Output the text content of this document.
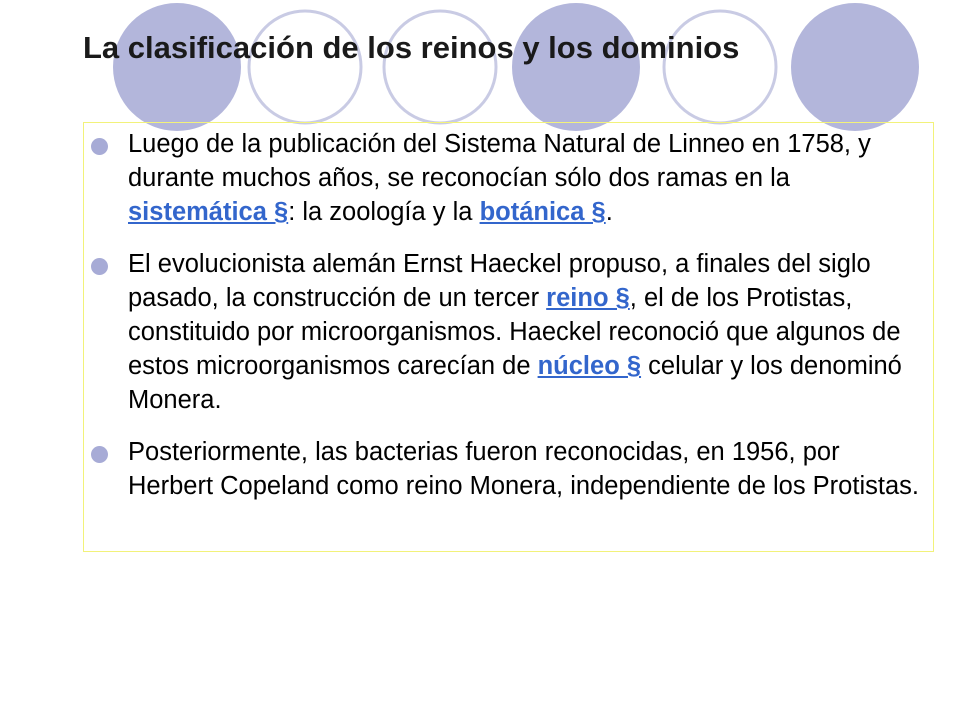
La clasificación de los reinos y los dominios
Luego de la publicación del Sistema Natural de Linneo en 1758, y durante muchos años, se reconocían sólo dos ramas en la sistemática §: la zoología y la botánica §.
El evolucionista alemán Ernst Haeckel propuso, a finales del siglo pasado, la construcción de un tercer reino §, el de los Protistas, constituido por microorganismos. Haeckel reconoció que algunos de estos microorganismos carecían de núcleo § celular y los denominó Monera.
Posteriormente, las bacterias fueron reconocidas, en 1956, por Herbert Copeland como reino Monera, independiente de los Protistas.
